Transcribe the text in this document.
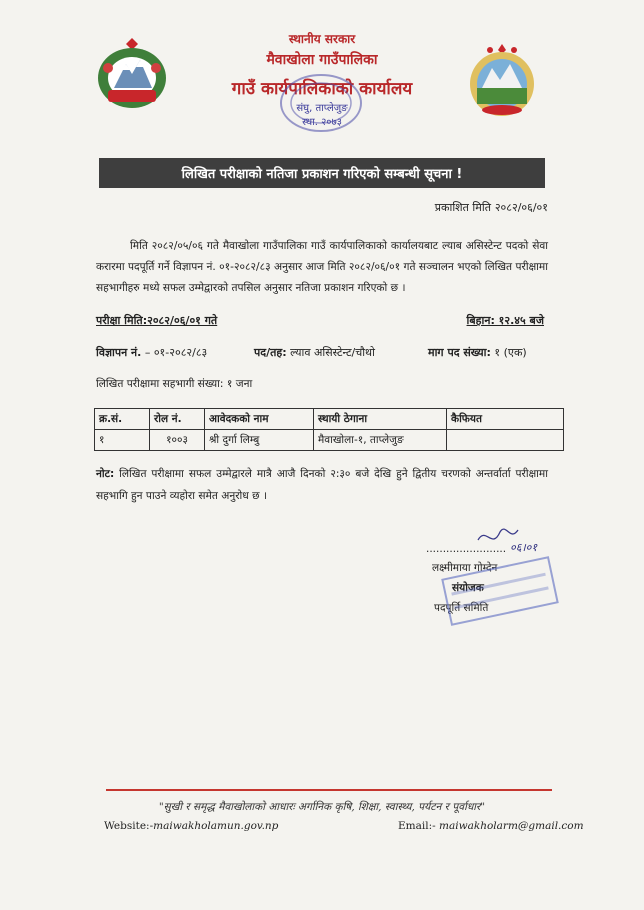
स्थानीय सरकार
मैवाखोला गाउँपालिका
गाउँ कार्यपालिकाको कार्यालय
संघु, ताप्लेजुङ
स्था. २०७३
लिखित परीक्षाको नतिजा प्रकाशन गरिएको सम्बन्धी सूचना !
प्रकाशित मिति २०८२/०६/०१
मिति २०८२/०५/०६ गते मैवाखोला गाउँपालिका गाउँ कार्यपालिकाको कार्यालयबाट ल्याब असिस्टेन्ट पदको सेवा करारमा पदपूर्ति गर्ने विज्ञापन नं. ०१-२०८२/८३ अनुसार आज मिति २०८२/०६/०१ गते सञ्चालन भएको लिखित परीक्षामा सहभागीहरु मध्ये सफल उम्मेद्वारको तपसिल अनुसार नतिजा प्रकाशन गरिएको छ ।
परीक्षा मिति:२०८२/०६/०१ गते	बिहान: १२.४५ बजे
विज्ञापन नं. – ०१-२०८२/८३	पद/तह: ल्याव असिस्टेन्ट/चौथो	माग पद संख्या: १ (एक)
लिखित परीक्षामा सहभागी संख्या: १ जना
क्र.सं.	रोल नं.	आवेदकको नाम	स्थायी ठेगाना	कैफियत
१	१००३	श्री दुर्गा लिम्बु	मैवाखोला-१, ताप्लेजुङ	
नोट: लिखित परीक्षामा सफल उम्मेद्वारले मात्रै आजै दिनको २:३० बजे देखि हुने द्वितीय चरणको अन्तर्वार्ता परीक्षामा सहभागि हुन पाउने व्यहोरा समेत अनुरोध छ ।
०६।०१
........................
लक्ष्मीमाया गोम्देन
संयोजक
पदपूर्ति समिति
"सुखी र समृद्ध मैवाखोलाको आधारः अर्गानिक कृषि, शिक्षा, स्वास्थ्य, पर्यटन र पूर्वाधार"
Website:-maiwakholamun.gov.np	Email:- maiwakholarm@gmail.com
